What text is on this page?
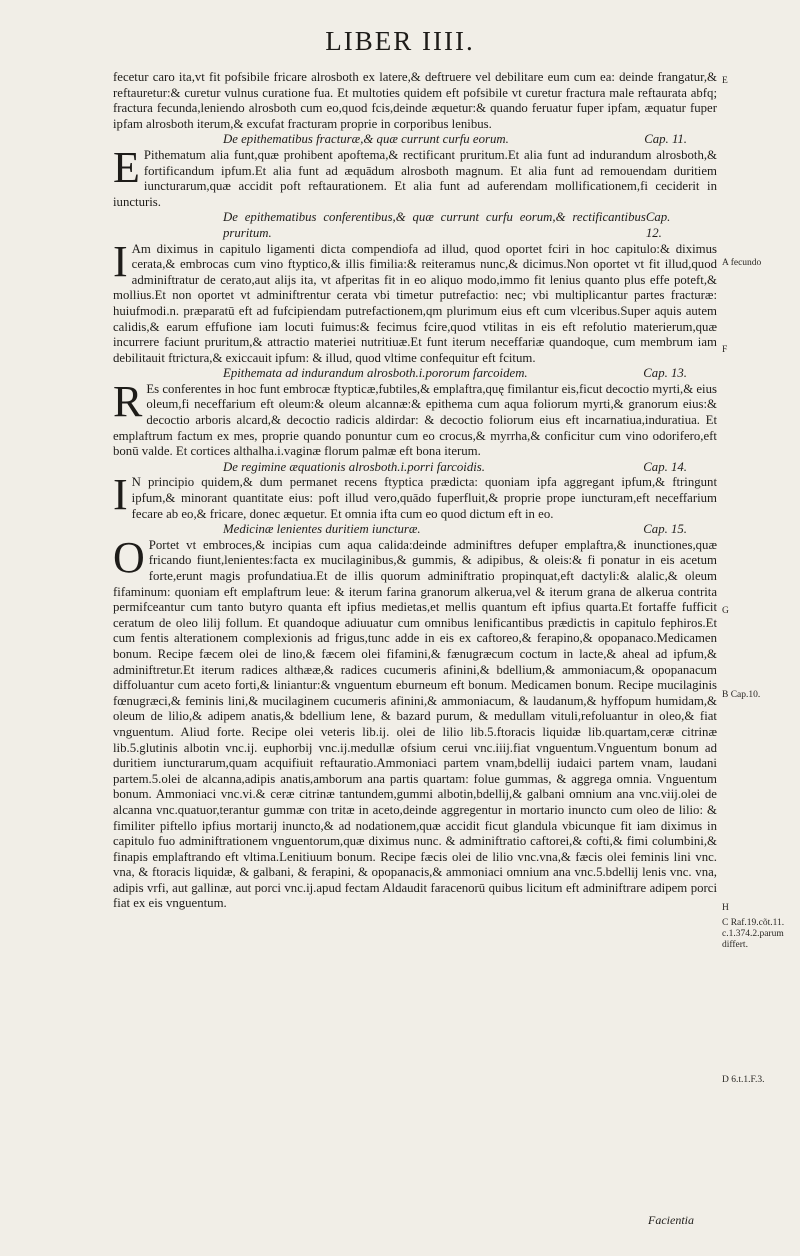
LIBER IIII.

fecetur caro ita,vt fit pofsibile fricare alrosboth ex latere,& deftruere vel debilitare eum cum ea: deinde frangatur,& reftauretur:& curetur vulnus curatione fua. Et multoties quidem eft pofsibile vt curetur fractura male reftaurata abfq; fractura fecunda,leniendo alrosboth cum eo,quod fcis,deinde æquetur:& quando feruatur fuper ipfam, æquatur fuper ipfam alrosboth iterum,& excufat fracturam proprie in corporibus lenibus.

De epithematibus fracturæ,& quæ currunt curfu eorum.	Cap. 11.

E Pithematum alia funt,quæ prohibent apoftema,& rectificant pruritum.Et alia funt ad indurandum alrosboth,& fortificandum ipfum.Et alia funt ad æquādum alrosboth magnum. Et alia funt ad remouendam duritiem iuncturarum,quæ accidit poft reftaurationem. Et alia funt ad auferendam mollificationem,fi ceciderit in iuncturis.

De epithematibus conferentibus,& quæ currunt curfu eorum,& rectificantibus pruritum.
Cap. 12.

I Am diximus in capitulo ligamenti dicta compendiofa ad illud, quod oportet fciri in hoc capitulo:& diximus cerata,& embrocas cum vino ftyptico,& illis fimilia:& reiteramus nunc,& dicimus.Non oportet vt fit illud,quod adminiftratur de cerato,aut alijs ita, vt afperitas fit in eo aliquo modo,immo fit lenius quanto plus effe poteft,& mollius.Et non oportet vt adminiftrentur cerata vbi timetur putrefactio: nec; vbi multiplicantur partes fracturæ: huiufmodi.n. præparatū eft ad fufcipiendam putrefactionem,qm plurimum eius eft cum vlceribus.Super aquis autem calidis,& earum effufione iam locuti fuimus:& fecimus fcire,quod vtilitas in eis eft refolutio materierum,quæ incurrere faciunt pruritum,& attractio materiei nutritiuæ.Et funt iterum neceffariæ quandoque, cum membrum iam debilitauit ftrictura,& exiccauit ipfum: & illud, quod vltime confequitur eft fcitum.

Epithemata ad indurandum alrosboth.i.pororum farcoidem.	Cap. 13.

R Es conferentes in hoc funt embrocæ ftypticæ,fubtiles,& emplaftra,quę fimilantur eis,ficut decoctio myrti,& eius oleum,fi neceffarium eft oleum:& oleum alcannæ:& epithema cum aqua foliorum myrti,& granorum eius:& decoctio arboris alcard,& decoctio radicis aldirdar: & decoctio foliorum eius eft incarnatiua,induratiua. Et emplaftrum factum ex mes, proprie quando ponuntur cum eo crocus,& myrrha,& conficitur cum vino odorifero,eft bonū valde. Et cortices althalha.i.vaginæ florum palmæ eft bona iterum.

De regimine æquationis alrosboth.i.porri farcoidis.	Cap. 14.

I N principio quidem,& dum permanet recens ftyptica prædicta: quoniam ipfa aggregant ipfum,& ftringunt ipfum,& minorant quantitate eius: poft illud vero,quādo fuperfluit,& proprie prope iuncturam,eft neceffarium fecare ab eo,& fricare, donec æquetur. Et omnia ifta cum eo quod dictum eft in eo.

Medicinæ lenientes duritiem iuncturæ.	Cap. 15.

O Portet vt embroces,& incipias cum aqua calida:deinde adminiftres defuper emplaftra,& inunctiones,quæ fricando fiunt,lenientes:facta ex mucilaginibus,& gummis, & adipibus, & oleis:& fi ponatur in eis acetum forte,erunt magis profundatiua.Et de illis quorum adminiftratio propinquat,eft dactyli:& alalic,& oleum fifaminum: quoniam eft emplaftrum leue: & iterum farina granorum alkerua,vel & iterum grana de alkerua contrita permifceantur cum tanto butyro quanta eft ipfius medietas,et mellis quantum eft ipfius quarta.Et fortaffe fufficit ceratum de oleo lilij follum. Et quandoque adiuuatur cum omnibus lenificantibus prædictis in capitulo fephiros.Et cum fentis alterationem complexionis ad frigus,tunc adde in eis ex caftoreo,& ferapino,& opopanaco.Medicamen bonum. Recipe fæcem olei de lino,& fæcem olei fifamini,& fænugræcum coctum in lacte,& aheal ad ipfum,& adminiftretur.Et iterum radices althææ,& radices cucumeris afinini,& bdellium,& ammoniacum,& opopanacum diffoluantur cum aceto forti,& liniantur:& vnguentum eburneum eft bonum. Medicamen bonum. Recipe mucilaginis fœnugræci,& feminis lini,& mucilaginem cucumeris afinini,& ammoniacum, & laudanum,& hyffopum humidam,& oleum de lilio,& adipem anatis,& bdellium lene, & bazard purum, & medullam vituli,refoluantur in oleo,& fiat vnguentum. Aliud forte. Recipe olei veteris lib.ij. olei de lilio lib.5.ftoracis liquidæ lib.quartam,ceræ citrinæ lib.5.glutinis albotin vnc.ij. euphorbij vnc.ij.medullæ ofsium cerui vnc.iiij.fiat vnguentum.Vnguentum bonum ad duritiem iuncturarum,quam acquifiuit reftauratio.Ammoniaci partem vnam,bdellij iudaici partem vnam, laudani partem.5.olei de alcanna,adipis anatis,amborum ana partis quartam: folue gummas, & aggrega omnia. Vnguentum bonum. Ammoniaci vnc.vi.& ceræ citrinæ tantundem,gummi albotin,bdellij,& galbani omnium ana vnc.viij.olei de alcanna vnc.quatuor,terantur gummæ con tritæ in aceto,deinde aggregentur in mortario inuncto cum oleo de lilio: & fimiliter piftello ipfius mortarij inuncto,& ad nodationem,quæ accidit ficut glandula vbicunque fit iam diximus in capitulo fuo adminiftrationem vnguentorum,quæ diximus nunc. & adminiftratio caftorei,& cofti,& fimi columbini,& finapis emplaftrando eft vltima.Lenitiuum bonum. Recipe fæcis olei de lilio vnc.vna,& fæcis olei feminis lini vnc. vna, & ftoracis liquidæ, & galbani, & ferapini, & opopanacis,& ammoniaci omnium ana vnc.5.bdellij lenis vnc. vna, adipis vrfi, aut gallinæ, aut porci vnc.ij.apud fectam Aldaudit faracenorū quibus licitum eft adminiftrare adipem porci fiat ex eis vnguentum.

E
A fecundo
F
G
B Cap.10.
H
C Raf.19.cõt.11. c.1.374.2.parum differt.
D 6.t.1.F.3.
Facientia
